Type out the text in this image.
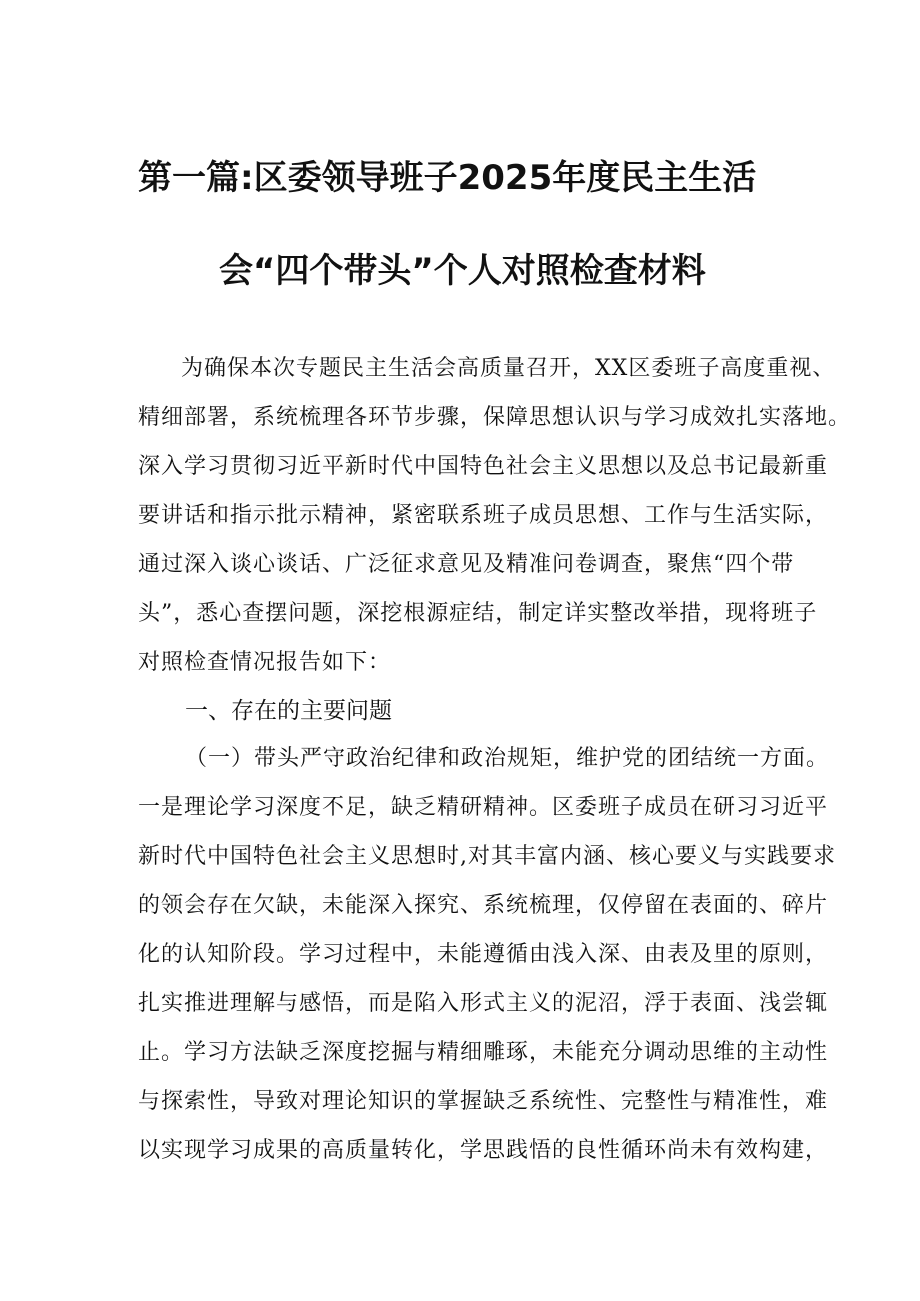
第一篇:区委领导班子2025年度民主生活
会“四个带头”个人对照检查材料
为确保本次专题民主生活会高质量召开，XX区委班子高度重视、
精细部署，系统梳理各环节步骤，保障思想认识与学习成效扎实落地。
深入学习贯彻习近平新时代中国特色社会主义思想以及总书记最新重
要讲话和指示批示精神，紧密联系班子成员思想、工作与生活实际，
通过深入谈心谈话、广泛征求意见及精准问卷调查，聚焦“四个带
头”，悉心查摆问题，深挖根源症结，制定详实整改举措，现将班子
对照检查情况报告如下：
一、存在的主要问题
（一）带头严守政治纪律和政治规矩，维护党的团结统一方面。
一是理论学习深度不足，缺乏精研精神。区委班子成员在研习习近平
新时代中国特色社会主义思想时,对其丰富内涵、核心要义与实践要求
的领会存在欠缺，未能深入探究、系统梳理，仅停留在表面的、碎片
化的认知阶段。学习过程中，未能遵循由浅入深、由表及里的原则，
扎实推进理解与感悟，而是陷入形式主义的泥沼，浮于表面、浅尝辄
止。学习方法缺乏深度挖掘与精细雕琢，未能充分调动思维的主动性
与探索性，导致对理论知识的掌握缺乏系统性、完整性与精准性，难
以实现学习成果的高质量转化，学思践悟的良性循环尚未有效构建，
